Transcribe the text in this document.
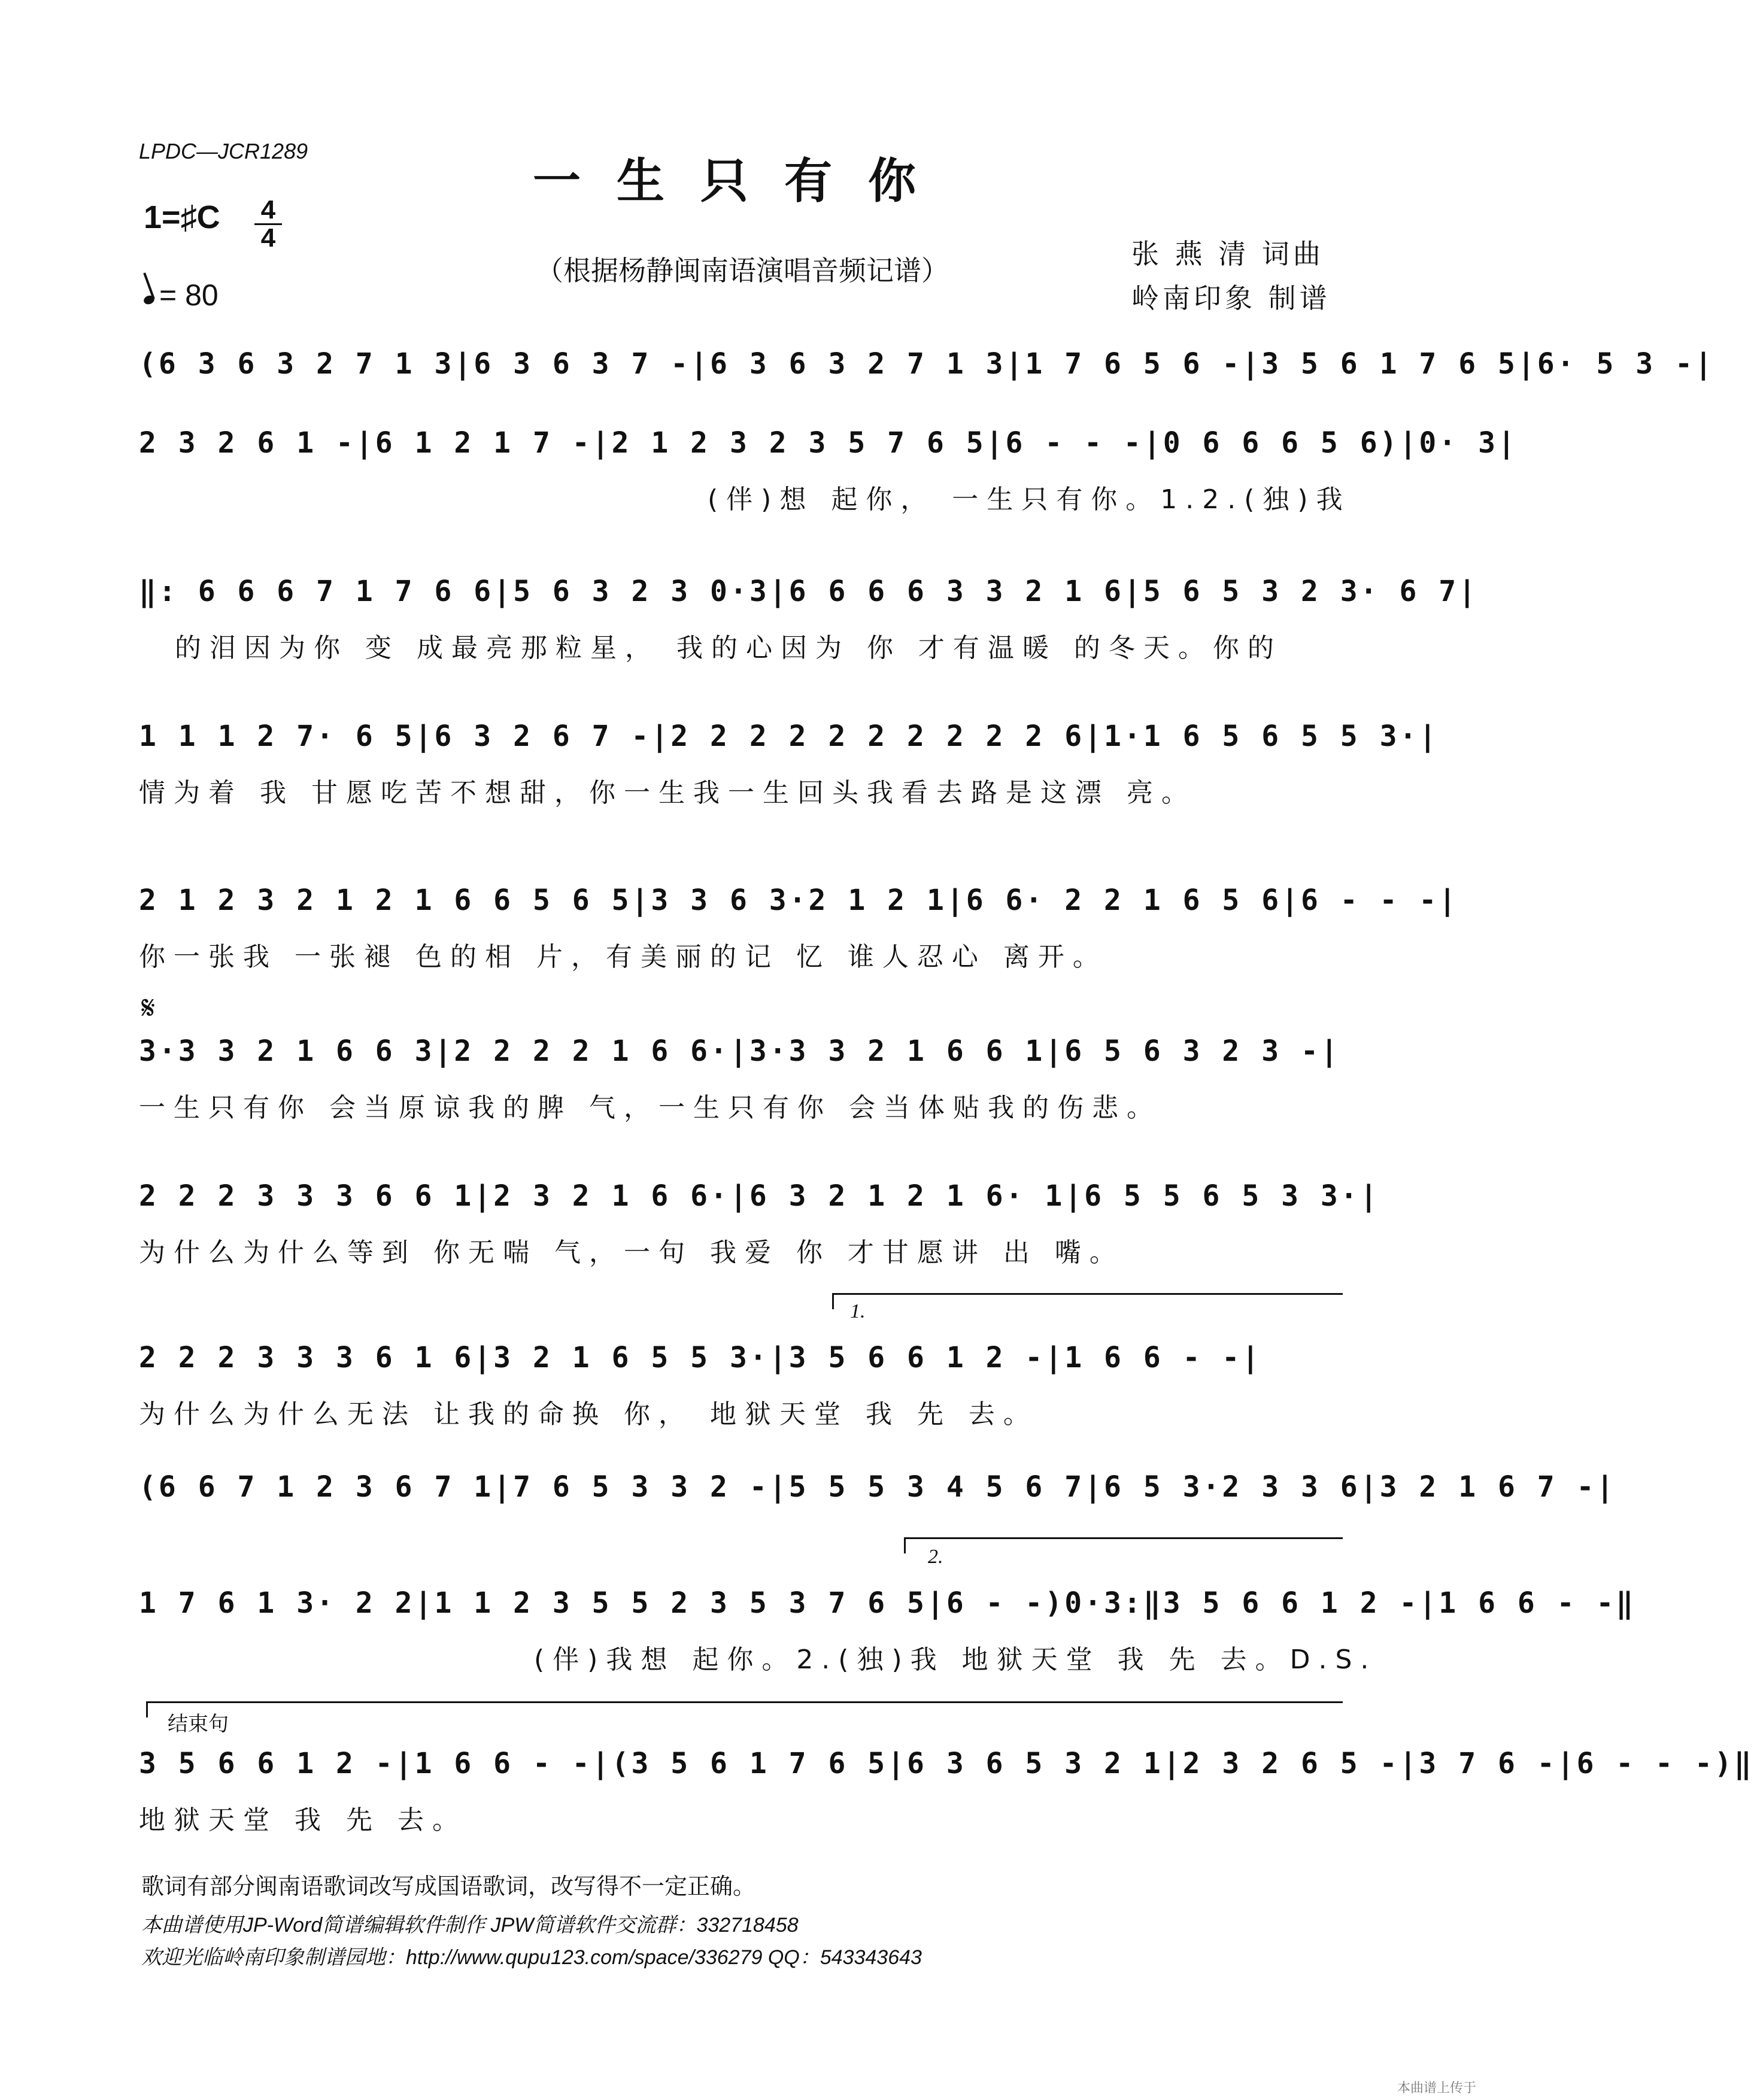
LPDC—JCR1289
一生只有你
1=♯C 4
4
= 80
（根据杨静闽南语演唱音频记谱）
张 燕 清 词曲
岭南印象 制谱
(6 3 6 3 2 7 1 3|6 3 6 3 7 -|6 3 6 3 2 7 1 3|1 7 6 5 6 -|3 5 6 1 7 6 5|6· 5 3 -|
2 3 2 6 1 -|6 1 2 1 7 -|2 1 2 3 2 3 5 7 6 5|6 - - -|0 6 6 6 5 6)|0· 3|
(伴)想 起你， 一生只有你。1.2.(独)我
‖: 6 6 6 7 1 7 6 6|5 6 3 2 3 0·3|6 6 6 6 3 3 2 1 6|5 6 5 3 2 3· 6 7|
的泪因为你 变 成最亮那粒星， 我的心因为 你 才有温暖 的冬天。你的
1 1 1 2 7· 6 5|6 3 2 6 7 -|2 2 2 2 2 2 2 2 2 2 6|1·1 6 5 6 5 5 3·|
情为着 我 甘愿吃苦不想甜，你一生我一生回头我看去路是这漂 亮。
2 1 2 3 2 1 2 1 6 6 5 6 5|3 3 6 3·2 1 2 1|6 6· 2 2 1 6 5 6|6 - - -|
你一张我 一张褪 色的相 片，有美丽的记 忆 谁人忍心 离开。
𝄋
3·3 3 2 1 6 6 3|2 2 2 2 1 6 6·|3·3 3 2 1 6 6 1|6 5 6 3 2 3 -|
一生只有你 会当原谅我的脾 气，一生只有你 会当体贴我的伤悲。
2 2 2 3 3 3 6 6 1|2 3 2 1 6 6·|6 3 2 1 2 1 6· 1|6 5 5 6 5 3 3·|
为什么为什么等到 你无喘 气，一句 我爱 你 才甘愿讲 出 嘴。
1.
2 2 2 3 3 3 6 1 6|3 2 1 6 5 5 3·|3 5 6 6 1 2 -|1 6 6 - -|
为什么为什么无法 让我的命换 你， 地狱天堂 我 先 去。
(6 6 7 1 2 3 6 7 1|7 6 5 3 3 2 -|5 5 5 3 4 5 6 7|6 5 3·2 3 3 6|3 2 1 6 7 -|
2.
1 7 6 1 3· 2 2|1 1 2 3 5 5 2 3 5 3 7 6 5|6 - -)0·3:‖3 5 6 6 1 2 -|1 6 6 - -‖
(伴)我想 起你。2.(独)我 地狱天堂 我 先 去。D.S.
结束句
3 5 6 6 1 2 -|1 6 6 - -|(3 5 6 1 7 6 5|6 3 6 5 3 2 1|2 3 2 6 5 -|3 7 6 -|6 - - -)‖
地狱天堂 我 先 去。
歌词有部分闽南语歌词改写成国语歌词，改写得不一定正确。
本曲谱使用JP-Word简谱编辑软件制作 JPW简谱软件交流群：332718458
欢迎光临岭南印象制谱园地：http://www.qupu123.com/space/336279 QQ：543343643
本曲谱上传于
